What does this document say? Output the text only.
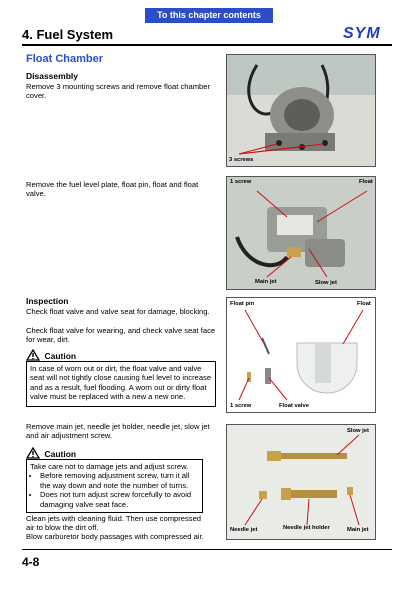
To this chapter contents
4. Fuel System	SYM
Float Chamber
Disassembly
Remove 3 mounting screws and remove float chamber cover.
Remove the fuel level plate, float pin, float and float valve.
Inspection
Check float valve and valve seat for damage, blocking.
Check float valve for wearing, and check valve seat face for wear, dirt.
Caution
In case of worn out or dirt, the float valve and valve seat will not tightly close causing fuel level to increase and as a result, fuel flooding. A worn out or dirty float valve must be replaced with a new a new one.
Remove main jet, needle jet holder, needle jet, slow jet and air adjustment screw.
Caution
Take care not to damage jets and adjust screw.
• Before removing adjustment screw, turn it all the way down and note the number of turns.
• Does not turn adjust screw forcefully to avoid damaging valve seat face.
Clean jets with cleaning fluid. Then use compressed air to blow the dirt off.
Blow carburetor body passages with compressed air.
3 screws
1 screw	Float
Main jet	Slow jet
Float pin	Float
1 screw	Float valve
Slow jet
Needle jet	Needle jet holder	Main jet
4-8
